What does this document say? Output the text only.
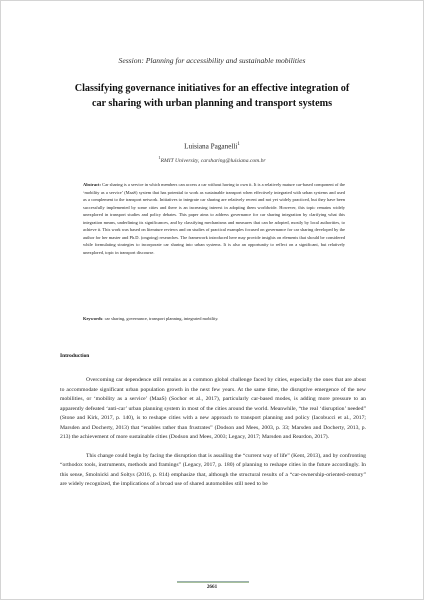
Session: Planning for accessibility and sustainable mobilities
Classifying governance initiatives for an effective integration of car sharing with urban planning and transport systems
Luisiana Paganelli$^1$
$^1$RMIT University, carsharing@luisiana.com.br
Abstract: Car sharing is a service in which members can access a car without having to own it. It is a relatively mature car-based component of the ‘mobility as a service’ (MaaS) system that has potential to work as sustainable transport when effectively integrated with urban systems and used as a complement to the transport network. Initiatives to integrate car sharing are relatively recent and not yet widely practiced, but they have been successfully implemented by some cities and there is an increasing interest in adopting them worldwide. However, this topic remains widely unexplored in transport studies and policy debates. This paper aims to address governance for car sharing integration by clarifying what this integration means, underlining its significances, and by classifying mechanisms and measures that can be adopted, mostly by local authorities, to achieve it. This work was based on literature reviews and on studies of practical examples focused on governance for car sharing developed by the author for her master and Ph.D. (ongoing) researches. The framework introduced here may provide insights on elements that should be considered while formulating strategies to incorporate car sharing into urban systems. It is also an opportunity to reflect on a significant, but relatively unexplored, topic in transport discourse.
Keywords: car sharing, governance, transport planning, integrated mobility.
Introduction

Overcoming car dependence still remains as a common global challenge faced by cities, especially the ones that are about to accommodate significant urban population growth in the next few years. At the same time, the disruptive emergence of the new mobilities, or ‘mobility as a service’ (MaaS) (Sochor et al., 2017), particularly car-based modes, is adding more pressure to an apparently defeated ‘anti-car’ urban planning system in most of the cities around the world. Meanwhile, “the real ‘disruption’ needed” (Stone and Kirk, 2017, p. 140), is to reshape cities with a new approach to transport planning and policy (Iacobucci et al., 2017; Marsden and Docherty, 2013) that “enables rather than frustrates” (Dodson and Mees, 2003, p. 33; Marsden and Docherty, 2013, p. 213) the achievement of more sustainable cities (Dodson and Mees, 2003; Legacy, 2017; Marsden and Reardon, 2017).

This change could begin by facing the disruption that is assailing the “current way of life” (Kent, 2013), and by confronting “orthodox tools, instruments, methods and framings” (Legacy, 2017, p. 180) of planning to reshape cities in the future accordingly. In this sense, Smolnicki and Soltys (2016, p. 814) emphasize that, although the structural results of a “car-ownership-oriented-century” are widely recognized, the implications of a broad use of shared automobiles still need to be

2661
